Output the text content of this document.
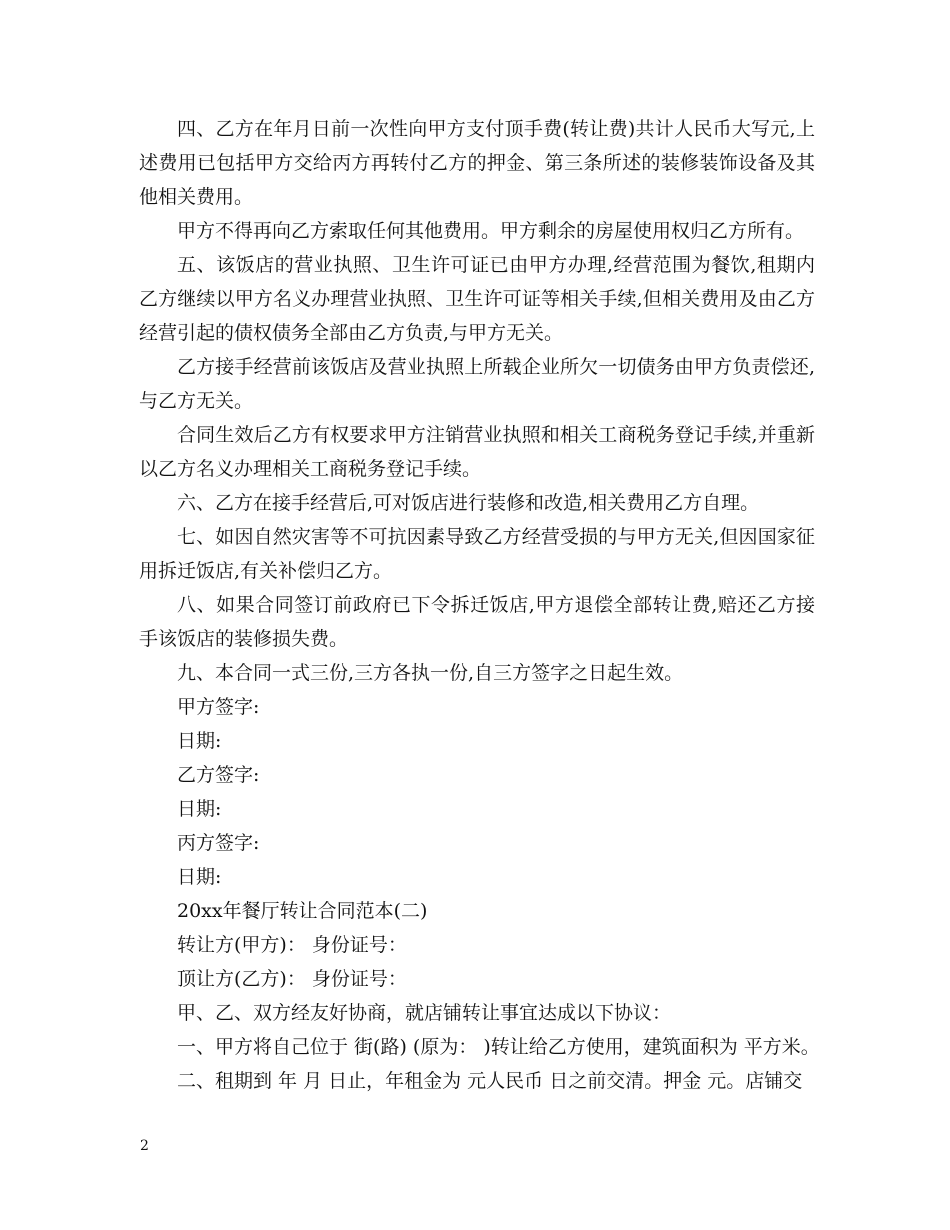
四、乙方在年月日前一次性向甲方支付顶手费(转让费)共计人民币大写元,上述费用已包括甲方交给丙方再转付乙方的押金、第三条所述的装修装饰设备及其他相关费用。

甲方不得再向乙方索取任何其他费用。甲方剩余的房屋使用权归乙方所有。

五、该饭店的营业执照、卫生许可证已由甲方办理,经营范围为餐饮,租期内乙方继续以甲方名义办理营业执照、卫生许可证等相关手续,但相关费用及由乙方经营引起的债权债务全部由乙方负责,与甲方无关。

乙方接手经营前该饭店及营业执照上所载企业所欠一切债务由甲方负责偿还,与乙方无关。

合同生效后乙方有权要求甲方注销营业执照和相关工商税务登记手续,并重新以乙方名义办理相关工商税务登记手续。

六、乙方在接手经营后,可对饭店进行装修和改造,相关费用乙方自理。

七、如因自然灾害等不可抗因素导致乙方经营受损的与甲方无关,但因国家征用拆迁饭店,有关补偿归乙方。

八、如果合同签订前政府已下令拆迁饭店,甲方退偿全部转让费,赔还乙方接手该饭店的装修损失费。

九、本合同一式三份,三方各执一份,自三方签字之日起生效。

甲方签字:

日期:

乙方签字:

日期:

丙方签字:

日期:

20xx年餐厅转让合同范本(二)

转让方(甲方)： 身份证号：

顶让方(乙方)： 身份证号：

甲、乙、双方经友好协商，就店铺转让事宜达成以下协议：

一、甲方将自己位于 街(路) (原为： )转让给乙方使用，建筑面积为 平方米。

二、租期到 年 月 日止，年租金为 元人民币 日之前交清。押金 元。店铺交

2
